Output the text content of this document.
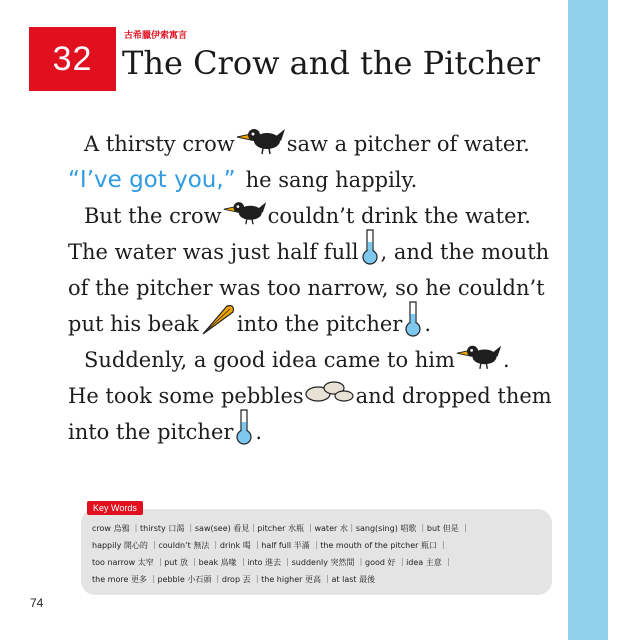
32
古希臘伊索寓言
The Crow and the Pitcher
A thirsty crow saw a pitcher of water.
“I’ve got you,” he sang happily.
But the crow couldn’t drink the water.
The water was just half full , and the mouth
of the pitcher was too narrow, so he couldn’t
put his beak into the pitcher .
Suddenly, a good idea came to him .
He took some pebbles and dropped them
into the pitcher .
Key Words
crow 烏鴉 ｜thirsty 口渴 ｜saw(see) 看見｜pitcher 水瓶 ｜water 水｜sang(sing) 唱歌 ｜but 但是 ｜
happily 開心的 ｜couldn’t 無法 ｜drink 喝 ｜half full 半滿 ｜the mouth of the pitcher 瓶口 ｜
too narrow 太窄 ｜put 放 ｜beak 鳥喙 ｜into 進去 ｜suddenly 突然間 ｜good 好 ｜idea 主意 ｜
the more 更多 ｜pebble 小石頭 ｜drop 丟 ｜the higher 更高 ｜at last 最後
74
